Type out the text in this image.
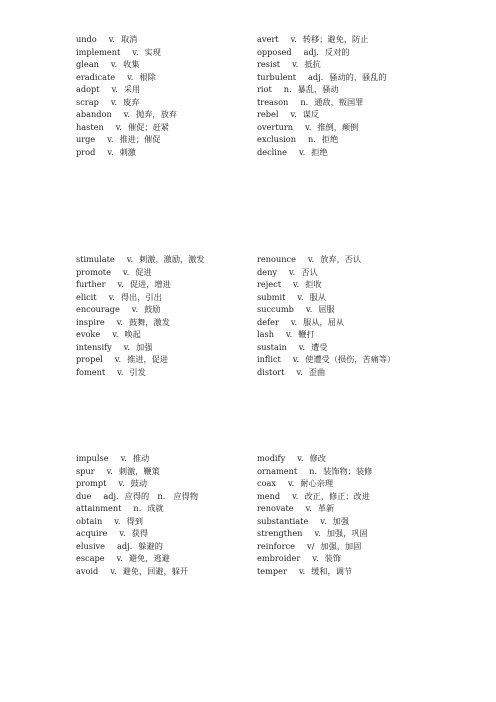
undo v. 取消
implement v. 实现
glean v. 收集
eradicate v. 根除
adopt v. 采用
scrap v. 废弃
abandon v. 抛弃，放弃
hasten v. 催促；赶紧
urge v. 推进；催促
prod v. 刺激
stimulate v. 刺激，激励，激发
promote v. 促进
further v. 促进，增进
elicit v. 得出，引出
encourage v. 鼓励
inspire v. 鼓舞，激发
evoke v. 唤起
intensify v. 加强
propel v. 推进，促进
foment v. 引发
impulse v. 推动
spur v. 刺激，鞭策
prompt v. 鼓动
due adj. 应得的　n.　应得物
attainment n. 成就
obtain v. 得到
acquire v. 获得
elusive adj. 躲避的
escape v. 避免，逃避
avoid v. 避免，回避，躲开
avert v. 转移；避免，防止
opposed adj. 反对的
resist v. 抵抗
turbulent adj. 骚动的，骚乱的
riot n. 暴乱，骚动
treason n. 通敌，叛国罪
rebel v. 谋反
overturn v. 推倒，颠倒
exclusion n. 拒绝
decline v. 拒绝
renounce v. 放弃，否认
deny v. 否认
reject v. 拒收
submit v. 服从
succumb v. 屈服
defer v. 服从，屈从
lash v. 鞭打
sustain v. 遭受
inflict v. 使遭受（损伤，苦痛等）
distort v. 歪曲
modify v. 修改
ornament n. 装饰物；装修
coax v. 耐心亲理
mend v. 改正，修正；改进
renovate v. 革新
substantiate v. 加强
strengthen v. 加强，巩固
reinforce v/ 加强，加固
embroider v. 装饰
temper v. 缓和，调节
